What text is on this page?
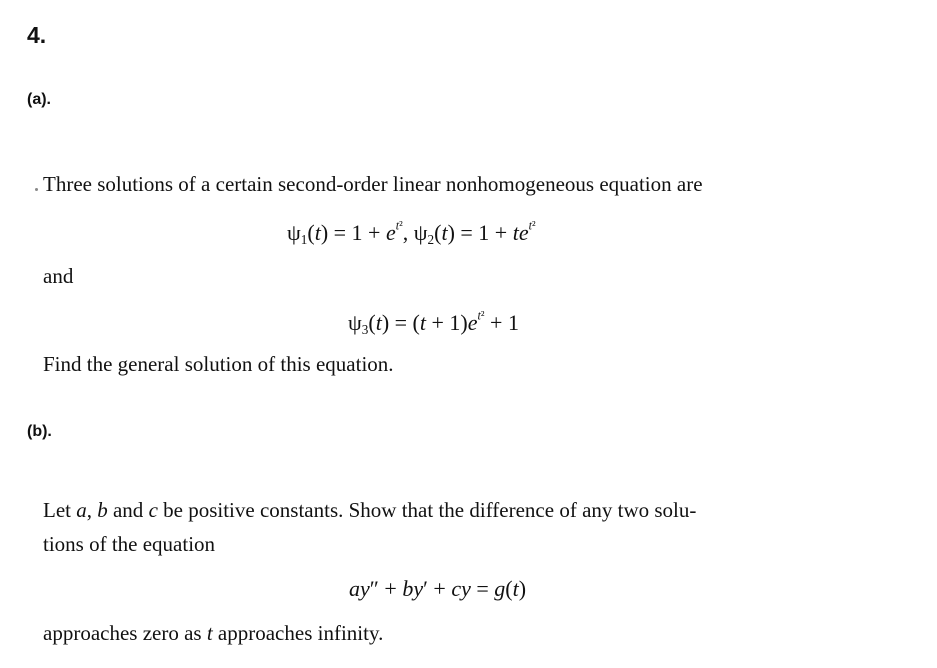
4.
(a).
Three solutions of a certain second-order linear nonhomogeneous equation are
$\psi_1(t) = 1 + e^{t^2}$, $\psi_2(t) = 1 + te^{t^2}$
and
$\psi_3(t) = (t + 1)e^{t^2} + 1$
Find the general solution of this equation.
(b).
Let a, b and c be positive constants. Show that the difference of any two solu-
tions of the equation
ay″ + by′ + cy = g(t)
approaches zero as t approaches infinity.
